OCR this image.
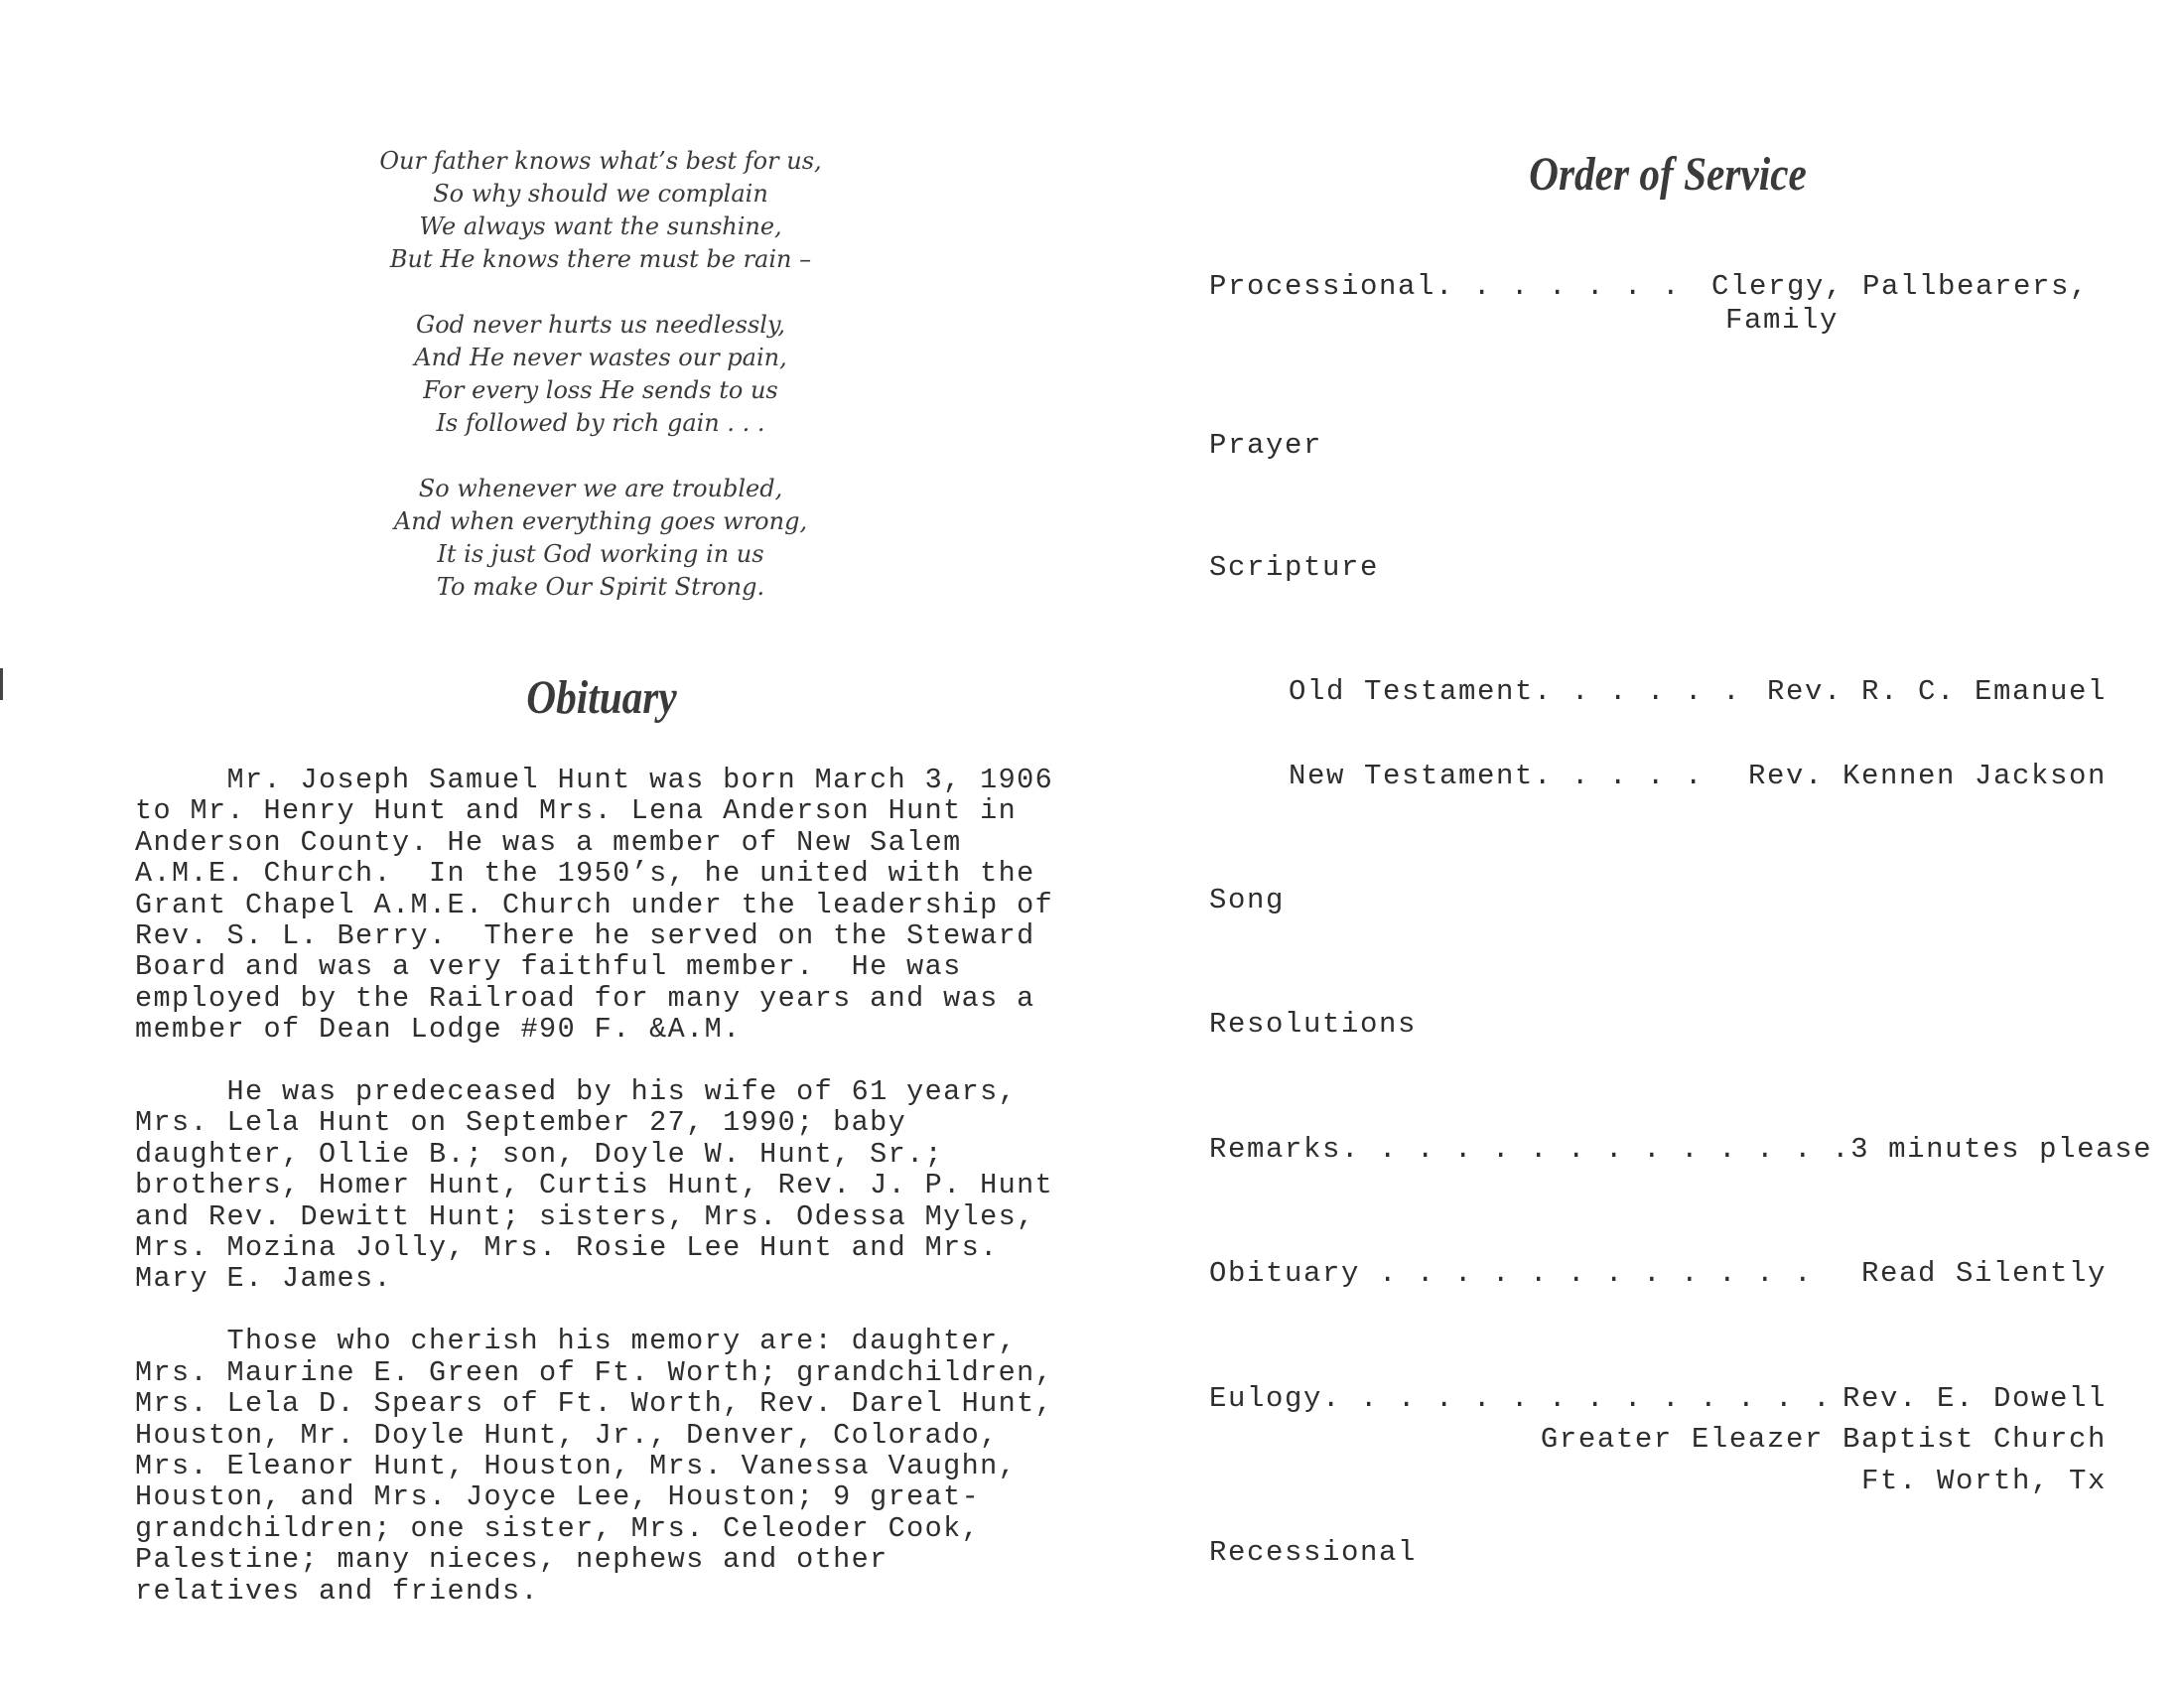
Our father knows what’s best for us,
So why should we complain
We always want the sunshine,
But He knows there must be rain –
God never hurts us needlessly,
And He never wastes our pain,
For every loss He sends to us
Is followed by rich gain . . .
So whenever we are troubled,
And when everything goes wrong,
It is just God working in us
To make Our Spirit Strong.
Obituary
Mr. Joseph Samuel Hunt was born March 3, 1906
to Mr. Henry Hunt and Mrs. Lena Anderson Hunt in
Anderson County. He was a member of New Salem
A.M.E. Church.  In the 1950’s, he united with the
Grant Chapel A.M.E. Church under the leadership of
Rev. S. L. Berry.  There he served on the Steward
Board and was a very faithful member.  He was
employed by the Railroad for many years and was a
member of Dean Lodge #90 F. &A.M.
He was predeceased by his wife of 61 years,
Mrs. Lela Hunt on September 27, 1990; baby
daughter, Ollie B.; son, Doyle W. Hunt, Sr.;
brothers, Homer Hunt, Curtis Hunt, Rev. J. P. Hunt
and Rev. Dewitt Hunt; sisters, Mrs. Odessa Myles,
Mrs. Mozina Jolly, Mrs. Rosie Lee Hunt and Mrs.
Mary E. James.
Those who cherish his memory are: daughter,
Mrs. Maurine E. Green of Ft. Worth; grandchildren,
Mrs. Lela D. Spears of Ft. Worth, Rev. Darel Hunt,
Houston, Mr. Doyle Hunt, Jr., Denver, Colorado,
Mrs. Eleanor Hunt, Houston, Mrs. Vanessa Vaughn,
Houston, and Mrs. Joyce Lee, Houston; 9 great-
grandchildren; one sister, Mrs. Celeoder Cook,
Palestine; many nieces, nephews and other
relatives and friends.
Order of Service
Processional. . . . . . . Clergy, Pallbearers,
Family
Prayer
Scripture
Old Testament. . . . . . Rev. R. C. Emanuel
New Testament. . . . . Rev. Kennen Jackson
Song
Resolutions
Remarks. . . . . . . . . . . . . . 3 minutes please
Obituary . . . . . . . . . . . . Read Silently
Eulogy. . . . . . . . . . . . . . Rev. E. Dowell
Greater Eleazer Baptist Church
Ft. Worth, Tx
Recessional
